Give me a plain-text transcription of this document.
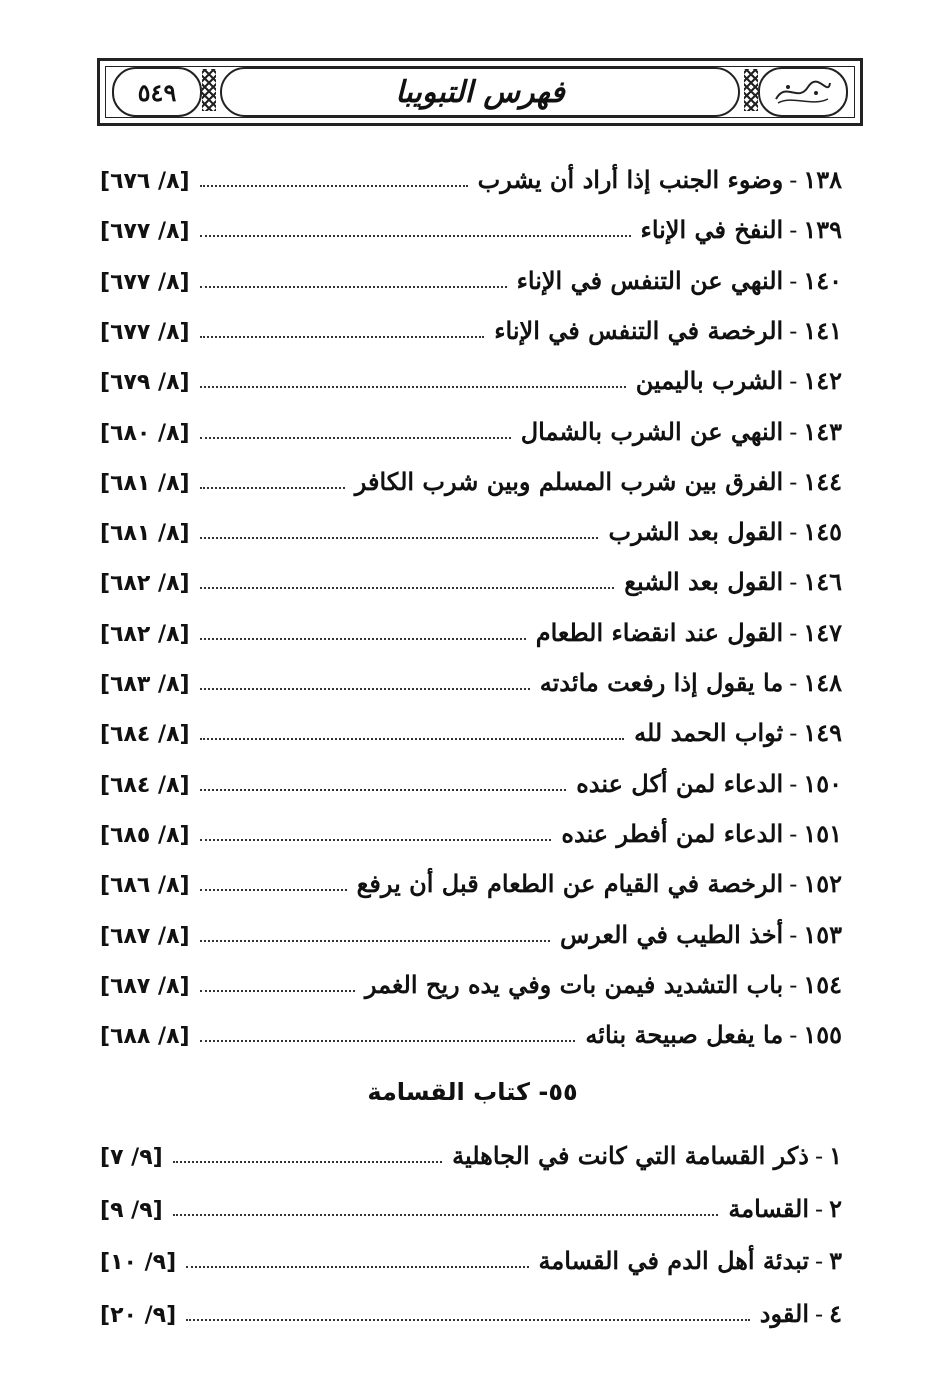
٥٤٩	فهرس التبويبا
١٣٨
-
وضوء الجنب إذا أراد أن يشرب
[٨/ ٦٧٦]
١٣٩
-
النفخ في الإناء
[٨/ ٦٧٧]
١٤٠
-
النهي عن التنفس في الإناء
[٨/ ٦٧٧]
١٤١
-
الرخصة في التنفس في الإناء
[٨/ ٦٧٧]
١٤٢
-
الشرب باليمين
[٨/ ٦٧٩]
١٤٣
-
النهي عن الشرب بالشمال
[٨/ ٦٨٠]
١٤٤
-
الفرق بين شرب المسلم وبين شرب الكافر
[٨/ ٦٨١]
١٤٥
-
القول بعد الشرب
[٨/ ٦٨١]
١٤٦
-
القول بعد الشبع
[٨/ ٦٨٢]
١٤٧
-
القول عند انقضاء الطعام
[٨/ ٦٨٢]
١٤٨
-
ما يقول إذا رفعت مائدته
[٨/ ٦٨٣]
١٤٩
-
ثواب الحمد لله
[٨/ ٦٨٤]
١٥٠
-
الدعاء لمن أكل عنده
[٨/ ٦٨٤]
١٥١
-
الدعاء لمن أفطر عنده
[٨/ ٦٨٥]
١٥٢
-
الرخصة في القيام عن الطعام قبل أن يرفع
[٨/ ٦٨٦]
١٥٣
-
أخذ الطيب في العرس
[٨/ ٦٨٧]
١٥٤
-
باب التشديد فيمن بات وفي يده ريح الغمر
[٨/ ٦٨٧]
١٥٥
-
ما يفعل صبيحة بنائه
[٨/ ٦٨٨]
٥٥- كتاب القسامة
١
-
ذكر القسامة التي كانت في الجاهلية
[٩/ ٧]
٢
-
القسامة
[٩/ ٩]
٣
-
تبدئة أهل الدم في القسامة
[٩/ ١٠]
٤
-
القود
[٩/ ٢٠]
